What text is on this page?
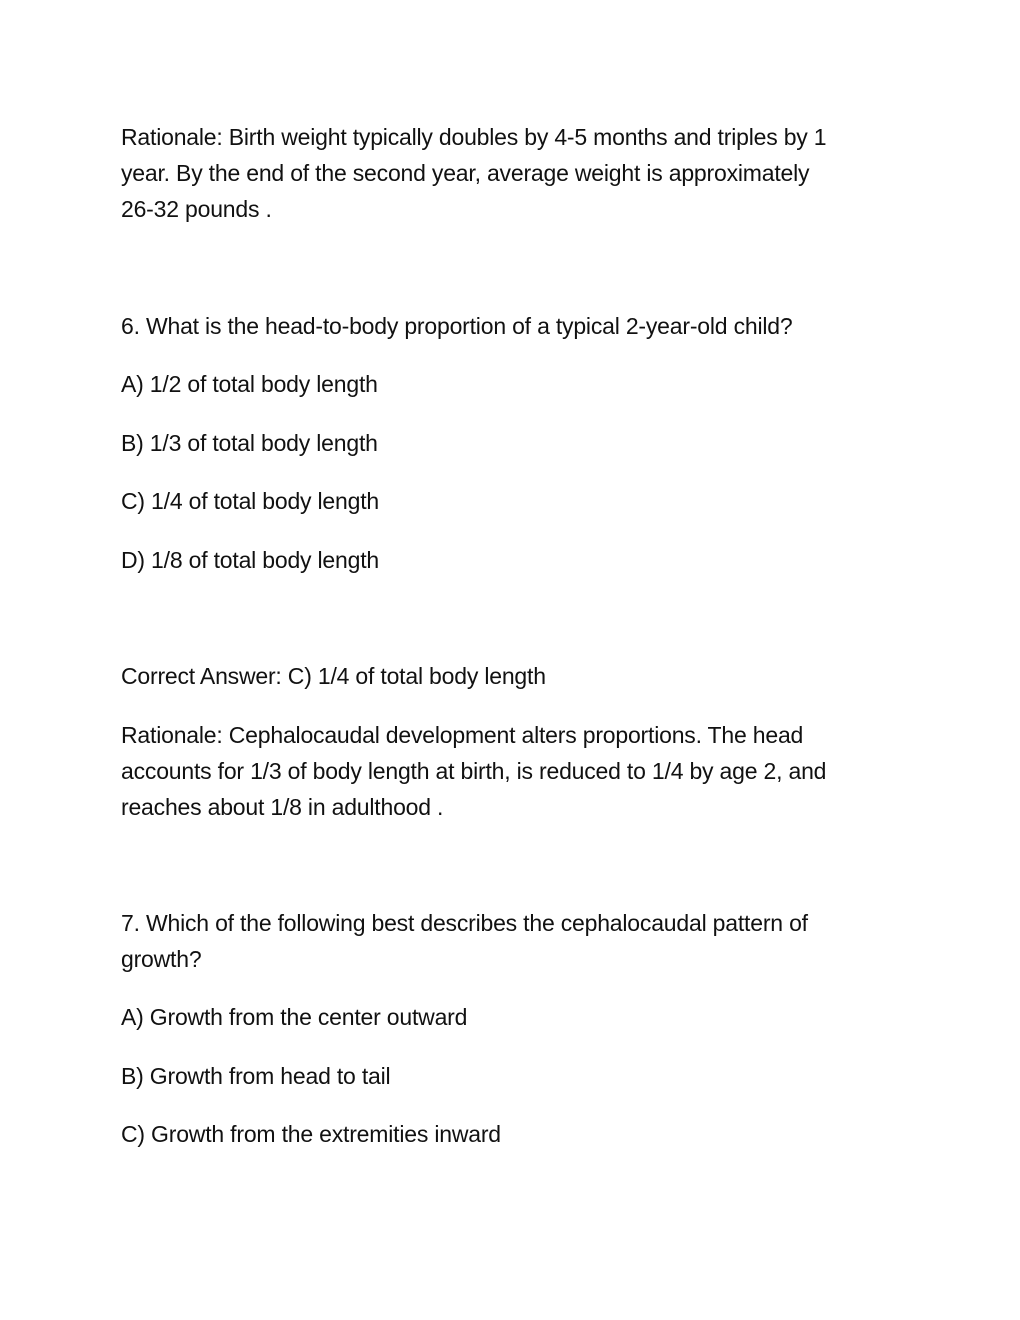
Rationale: Birth weight typically doubles by 4-5 months and triples by 1
year. By the end of the second year, average weight is approximately
26-32 pounds .
6. What is the head-to-body proportion of a typical 2-year-old child?
A) 1/2 of total body length
B) 1/3 of total body length
C) 1/4 of total body length
D) 1/8 of total body length
Correct Answer: C) 1/4 of total body length
Rationale: Cephalocaudal development alters proportions. The head
accounts for 1/3 of body length at birth, is reduced to 1/4 by age 2, and
reaches about 1/8 in adulthood .
7. Which of the following best describes the cephalocaudal pattern of
growth?
A) Growth from the center outward
B) Growth from head to tail
C) Growth from the extremities inward
